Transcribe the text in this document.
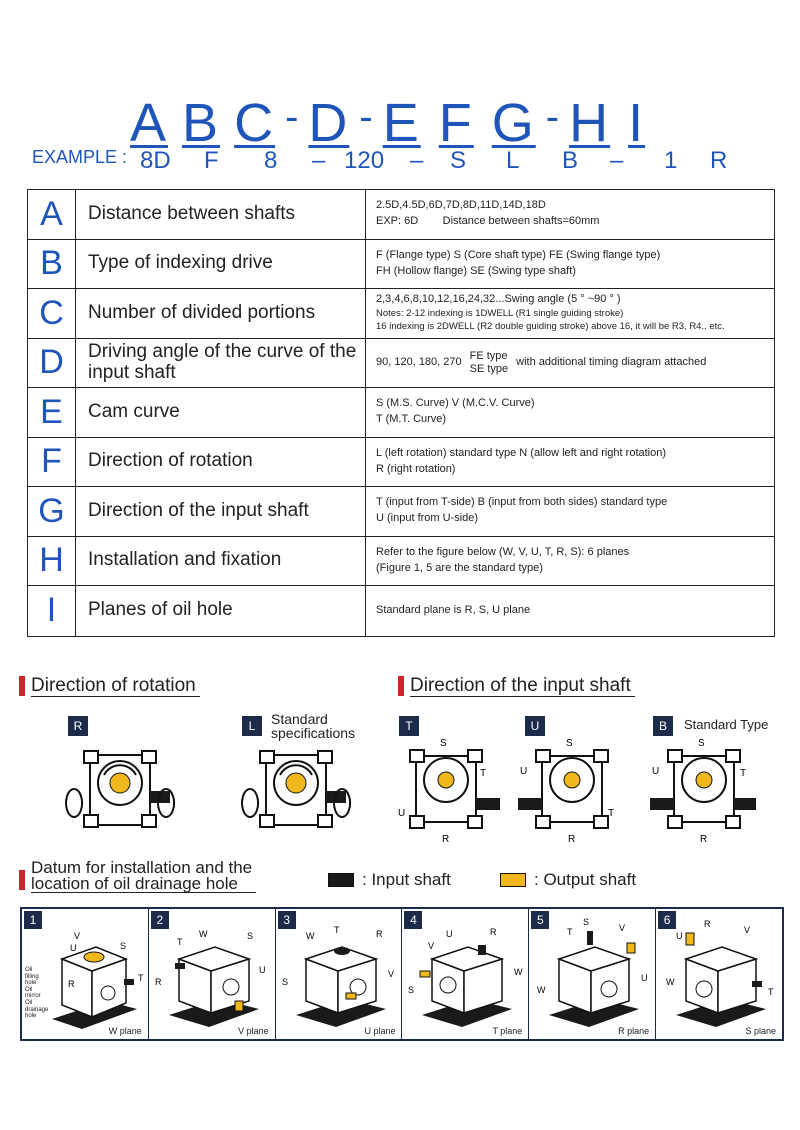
A B C - D - E F G - H I
EXAMPLE : 8D F 8 – 120 – S L B – 1 R
A	Distance between shafts	2.5D,4.5D,6D,7D,8D,11D,14D,18D
EXP: 6D        Distance between shafts=60mm
B	Type of indexing drive	F (Flange type) S (Core shaft type) FE (Swing flange type)
FH (Hollow flange) SE (Swing type shaft)
C	Number of divided portions
2,3,4,6,8,10,12,16,24,32...Swing angle (5 ° ~90 ° )
Notes: 2-12 indexing is 1DWELL (R1 single guiding stroke)
16 indexing is 2DWELL (R2 double guiding stroke) above 16, it will be R3, R4.. etc.
D	Driving angle of the curve of the input shaft	90, 120, 180, 270 FE type
SE type
with additional timing diagram attached
E	Cam curve	S (M.S. Curve) V (M.C.V. Curve)
T (M.T. Curve)
F	Direction of rotation	L (left rotation) standard type N (allow left and right rotation)
R (right rotation)
G	Direction of the input shaft	T (input from T-side) B (input from both sides) standard type
U (input from U-side)
H	Installation and fixation	Refer to the figure below (W, V, U, T, R, S): 6 planes
(Figure 1, 5 are the standard type)
I	Planes of oil hole	Standard plane is R, S, U plane
Direction of rotation	Direction of the input shaft
R	L	Standard
specifications	T	U	B	Standard Type
S
T
U
R
S
U
T
R
S
U	T
R
Datum for installation and the
location of oil drainage hole	: Input shaft	: Output shaft
1
U
V
S
T
R
Oil
filling
hole
Oil
mirror
Oil
drainage
hole
W plane
2
T
W	S
U
R
V plane
3
W
T	R
V
S
U plane
4
V
U	R
W
S
T plane
5
T
S
V
U
W
R plane
6
U
R
V
T
W
S plane
